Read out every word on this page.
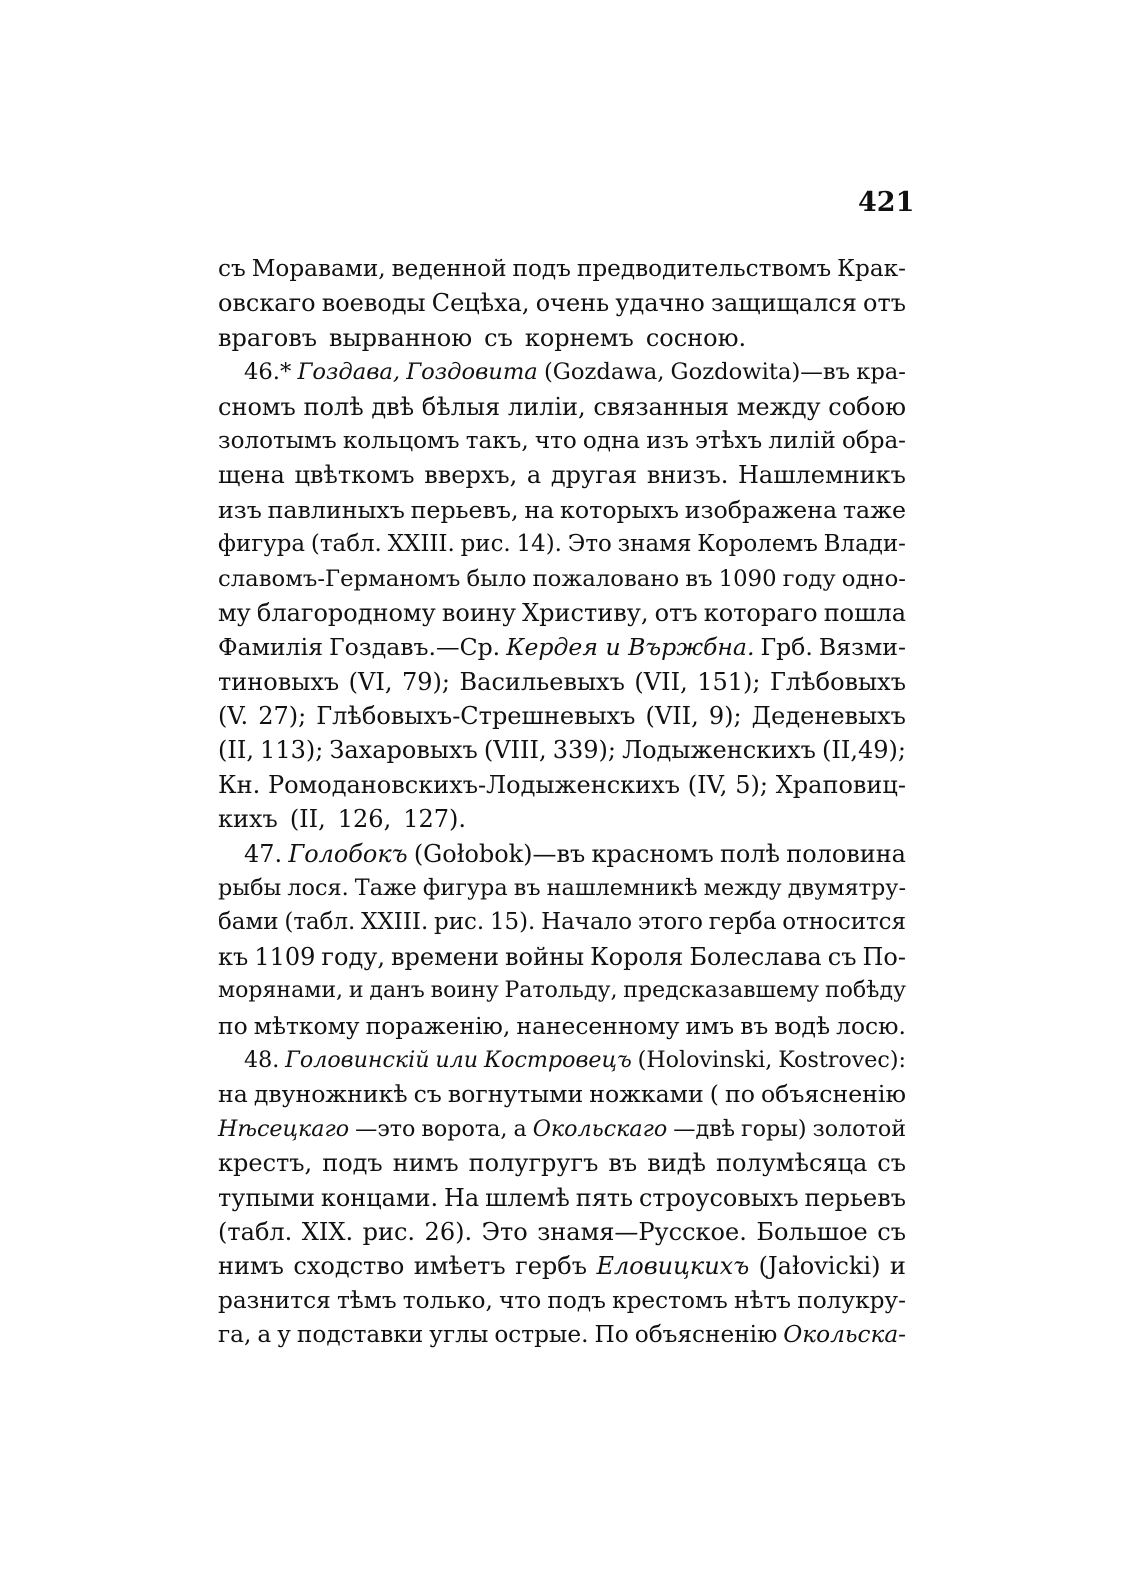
421
съ Моравами, веденной подъ предводительствомъ Крак-
овскаго воеводы Сецѣха, очень удачно защищался отъ
враговъ вырванною съ корнемъ сосною.
46.* Гоздава, Гоздовита (Gozdawa, Gozdowita)—въ кра-
сномъ полѣ двѣ бѣлыя лиліи, связанныя между собою
золотымъ кольцомъ такъ, что одна изъ этѣхъ лилій обра-
щена цвѣткомъ вверхъ, а другая внизъ. Нашлемникъ
изъ павлиныхъ перьевъ, на которыхъ изображена таже
фигура (табл. XXIII. рис. 14). Это знамя Королемъ Влади-
славомъ-Германомъ было пожаловано въ 1090 году одно-
му благородному воину Христиву, отъ котораго пошла
Фамилія Гоздавъ.—Ср. Кердея и Вържбна. Грб. Вязми-
тиновыхъ (VI, 79); Васильевыхъ (VII, 151); Глѣбовыхъ
(V. 27); Глѣбовыхъ-Стрешневыхъ (VII, 9); Деденевыхъ
(II, 113); Захаровыхъ (VIII, 339); Лодыженскихъ (II,49);
Кн. Ромодановскихъ-Лодыженскихъ (IV, 5); Храповиц-
кихъ (II, 126, 127).
47. Голобокъ (Gołobok)—въ красномъ полѣ половина
рыбы лося. Таже фигура въ нашлемникѣ между двумятру-
бами (табл. XXIII. рис. 15). Начало этого герба относится
къ 1109 году, времени войны Короля Болеслава съ По-
морянами, и данъ воину Ратольду, предсказавшему побѣду
по мѣткому пораженію, нанесенному имъ въ водѣ лосю.
48. Головинскій или Костровецъ (Holovinski, Kostrovec):
на двуножникѣ съ вогнутыми ножками ( по объясненію
Нѣсецкаго —это ворота, а Окольскаго —двѣ горы) золотой
крестъ, подъ нимъ полугругъ въ видѣ полумѣсяца съ
тупыми концами. На шлемѣ пять строусовыхъ перьевъ
(табл. XIX. рис. 26). Это знамя—Русское. Большое съ
нимъ сходство имѣетъ гербъ Еловицкихъ (Jałovicki) и
разнится тѣмъ только, что подъ крестомъ нѣтъ полукру-
га, а у подставки углы острые. По объясненію Окольска-
